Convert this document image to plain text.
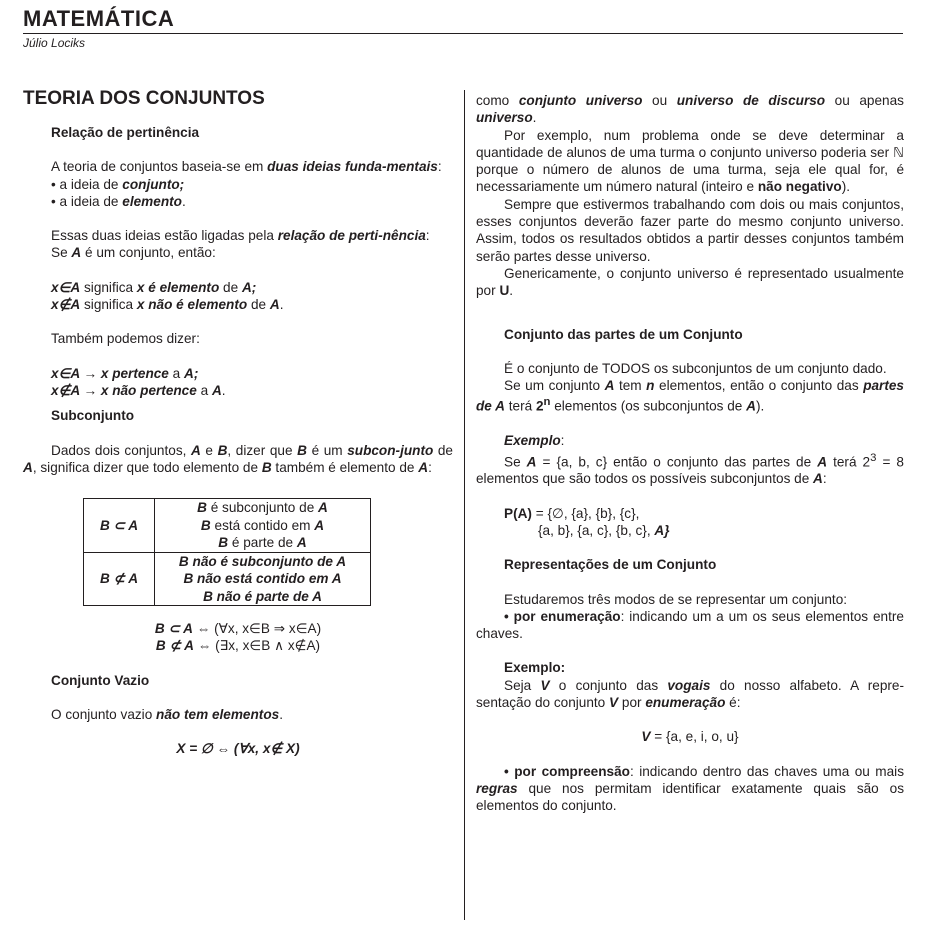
MATEMÁTICA
Júlio Lociks
TEORIA DOS CONJUNTOS

Relação de pertinência

A teoria de conjuntos baseia-se em duas ideias funda-mentais:

• a ideia de conjunto;

• a ideia de elemento.

Essas duas ideias estão ligadas pela relação de perti-nência:

Se A é um conjunto, então:

x∈A significa x é elemento de A;

x∉A significa x não é elemento de A.

Também podemos dizer:

x∈A → x pertence a A;

x∉A → x não pertence a A.

Subconjunto

Dados dois conjuntos, A e B, dizer que B é um subcon-junto de A, significa dizer que todo elemento de B também é elemento de A:

B ⊂ A	B é subconjunto de A
B está contido em A
B é parte de A

B ⊄ A	B não é subconjunto de A
B não está contido em A
B não é parte de A

B ⊂ A ⇔ (∀x, x∈B ⇒ x∈A)

B ⊄ A ⇔ (∃x, x∈B ∧ x∉A)

Conjunto Vazio

O conjunto vazio não tem elementos.

X = ∅ ⇔ (∀x, x∉ X)

como conjunto universo ou universo de discurso ou apenas universo.

Por exemplo, num problema onde se deve determinar a quantidade de alunos de uma turma o conjunto universo poderia ser ℕ porque o número de alunos de uma turma, seja ele qual for, é necessariamente um número natural (inteiro e não negativo).

Sempre que estivermos trabalhando com dois ou mais conjuntos, esses conjuntos deverão fazer parte do mesmo conjunto universo. Assim, todos os resultados obtidos a partir desses conjuntos também serão partes desse universo.

Genericamente, o conjunto universo é representado usualmente por U.

Conjunto das partes de um Conjunto

É o conjunto de TODOS os subconjuntos de um conjunto dado.

Se um conjunto A tem n elementos, então o conjunto das partes de A terá 2$^n$ elementos (os subconjuntos de A).

Exemplo:

Se A = {a, b, c} então o conjunto das partes de A terá $2^3 = 8$ elementos que são todos os possíveis subconjuntos de A:

P(A) = {∅, {a}, {b}, {c},

{a, b}, {a, c}, {b, c}, A}

Representações de um Conjunto

Estudaremos três modos de se representar um conjunto:

• por enumeração: indicando um a um os seus elementos entre chaves.

Exemplo:

Seja V o conjunto das vogais do nosso alfabeto. A repre-sentação do conjunto V por enumeração é:

V = {a, e, i, o, u}

• por compreensão: indicando dentro das chaves uma ou mais regras que nos permitam identificar exatamente quais são os elementos do conjunto.
